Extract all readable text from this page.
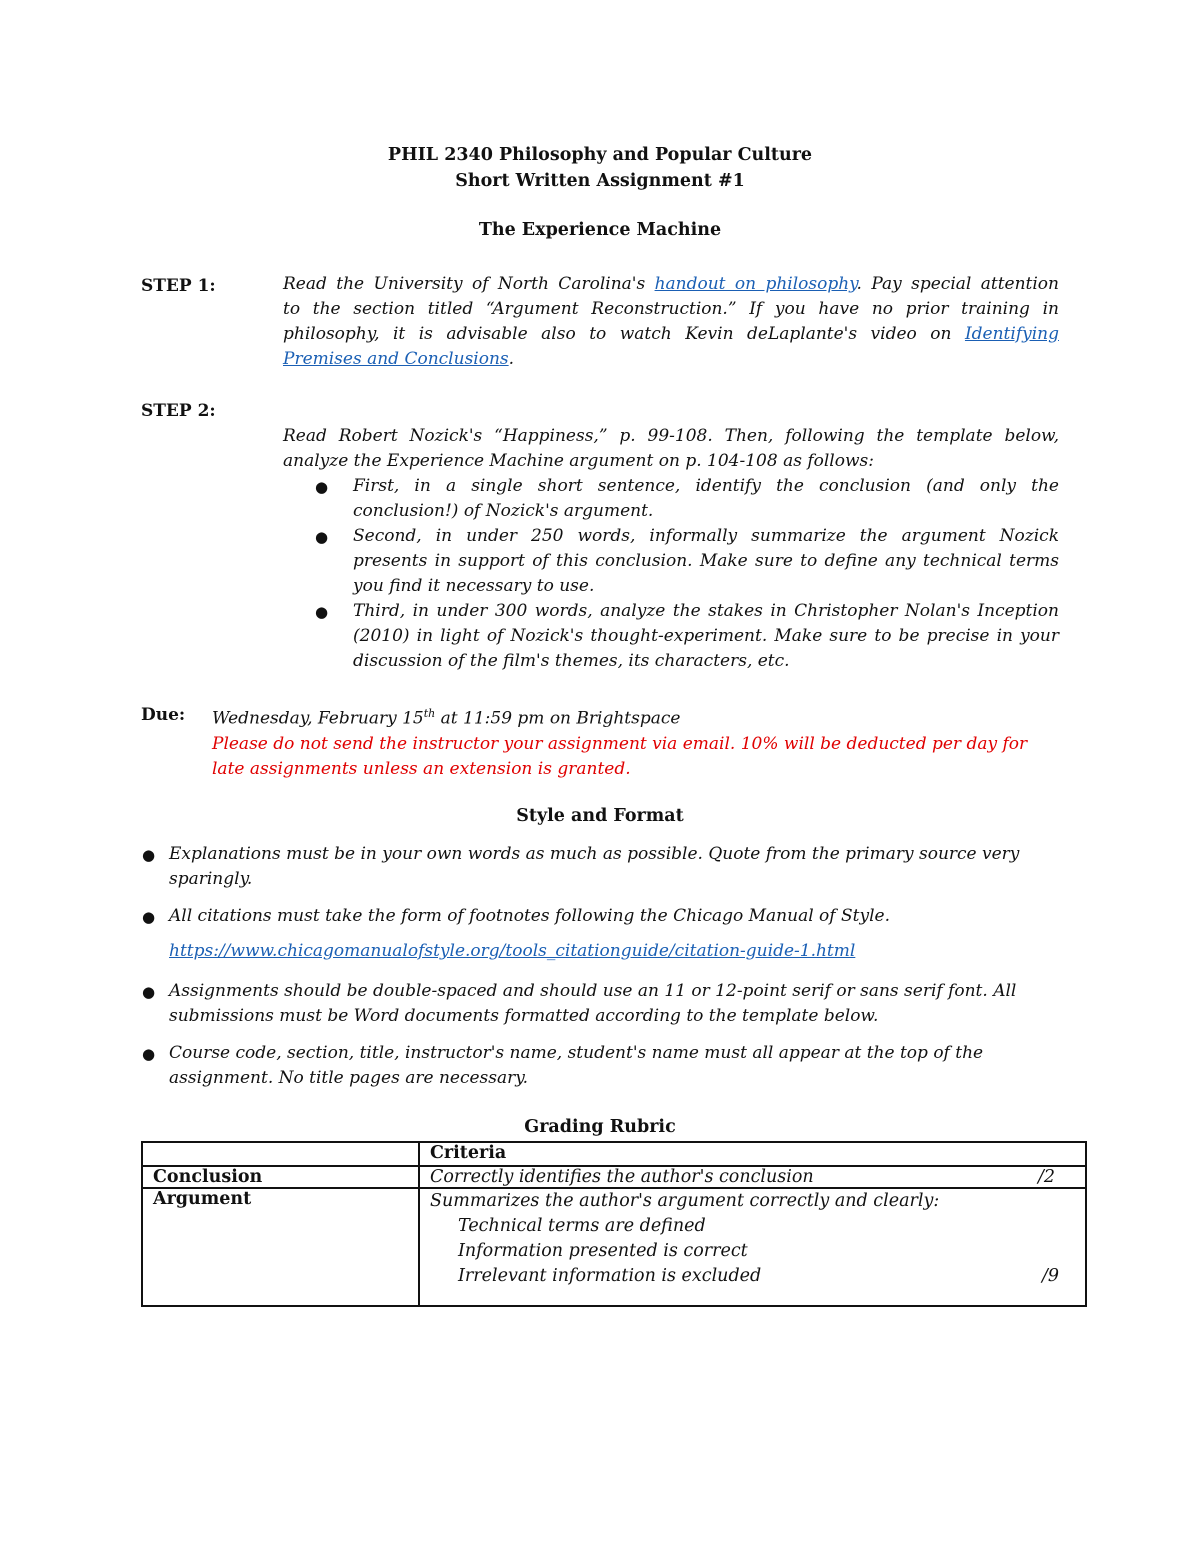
PHIL 2340 Philosophy and Popular Culture
Short Written Assignment #1
The Experience Machine
STEP 1:	Read the University of North Carolina's handout on philosophy. Pay special attention
to the section titled “Argument Reconstruction.” If you have no prior training in
philosophy, it is advisable also to watch Kevin deLaplante's video on Identifying
Premises and Conclusions.
STEP 2:
Read Robert Nozick's “Happiness,” p. 99-108. Then, following the template below,
analyze the Experience Machine argument on p. 104-108 as follows:
● First, in a single short sentence, identify the conclusion (and only the
conclusion!) of Nozick's argument.
● Second, in under 250 words, informally summarize the argument Nozick
presents in support of this conclusion. Make sure to define any technical terms
you find it necessary to use.
● Third, in under 300 words, analyze the stakes in Christopher Nolan's Inception
(2010) in light of Nozick's thought-experiment. Make sure to be precise in your
discussion of the film's themes, its characters, etc.
Due: Wednesday, February 15th at 11:59 pm on Brightspace
Please do not send the instructor your assignment via email. 10% will be deducted per day for
late assignments unless an extension is granted.
Style and Format
● Explanations must be in your own words as much as possible. Quote from the primary source very
sparingly.
● All citations must take the form of footnotes following the Chicago Manual of Style.
https://www.chicagomanualofstyle.org/tools_citationguide/citation-guide-1.html
● Assignments should be double-spaced and should use an 11 or 12-point serif or sans serif font. All
submissions must be Word documents formatted according to the template below.
● Course code, section, title, instructor's name, student's name must all appear at the top of the
assignment. No title pages are necessary.
Grading Rubric
	Criteria
Conclusion	Correctly identifies the author's conclusion /2

Argument	Summarizes the author's argument correctly and clearly:
Technical terms are defined
Information presented is correct
Irrelevant information is excluded /9
